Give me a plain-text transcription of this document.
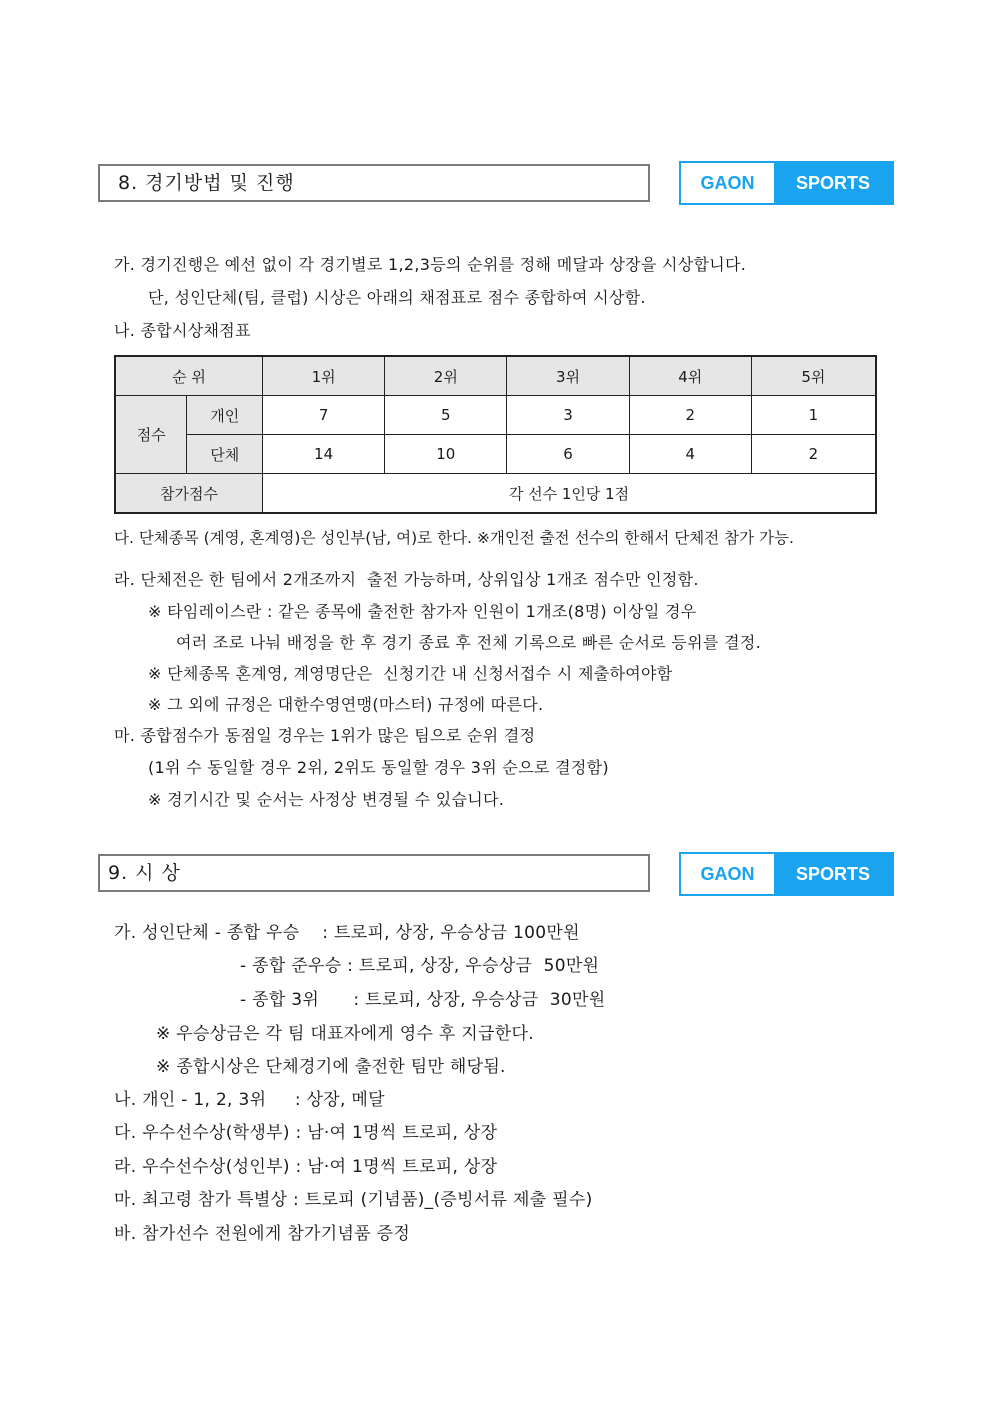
8. 경기방법 및 진행	GAON	SPORTS
가. 경기진행은 예선 없이 각 경기별로 1,2,3등의 순위를 정해 메달과 상장을 시상합니다.
단, 성인단체(팀, 클럽) 시상은 아래의 채점표로 점수 종합하여 시상함.
나. 종합시상채점표
순 위		1위	2위	3위	4위	5위
점수	개인	7	5	3	2	1
	단체	14	10	6	4	2
참가점수		각 선수 1인당 1점				
다. 단체종목 (계영, 혼계영)은 성인부(남, 여)로 한다. ※개인전 출전 선수의 한해서 단체전 참가 가능.
라. 단체전은 한 팀에서 2개조까지  출전 가능하며, 상위입상 1개조 점수만 인정함.
※ 타임레이스란 : 같은 종목에 출전한 참가자 인원이 1개조(8명) 이상일 경우
여러 조로 나눠 배정을 한 후 경기 종료 후 전체 기록으로 빠른 순서로 등위를 결정.
※ 단체종목 혼계영, 계영명단은  신청기간 내 신청서접수 시 제출하여야함
※ 그 외에 규정은 대한수영연맹(마스터) 규정에 따른다.
마. 종합점수가 동점일 경우는 1위가 많은 팀으로 순위 결정
(1위 수 동일할 경우 2위, 2위도 동일할 경우 3위 순으로 결정함)
※ 경기시간 및 순서는 사정상 변경될 수 있습니다.
9. 시 상	GAON	SPORTS
가. 성인단체 - 종합 우승    : 트로피, 상장, 우승상금 100만원
- 종합 준우승 : 트로피, 상장, 우승상금  50만원
- 종합 3위      : 트로피, 상장, 우승상금  30만원
※ 우승상금은 각 팀 대표자에게 영수 후 지급한다.
※ 종합시상은 단체경기에 출전한 팀만 해당됨.
나. 개인 - 1, 2, 3위     : 상장, 메달
다. 우수선수상(학생부) : 남·여 1명씩 트로피, 상장
라. 우수선수상(성인부) : 남·여 1명씩 트로피, 상장
마. 최고령 참가 특별상 : 트로피 (기념품)_(증빙서류 제출 필수)
바. 참가선수 전원에게 참가기념품 증정
